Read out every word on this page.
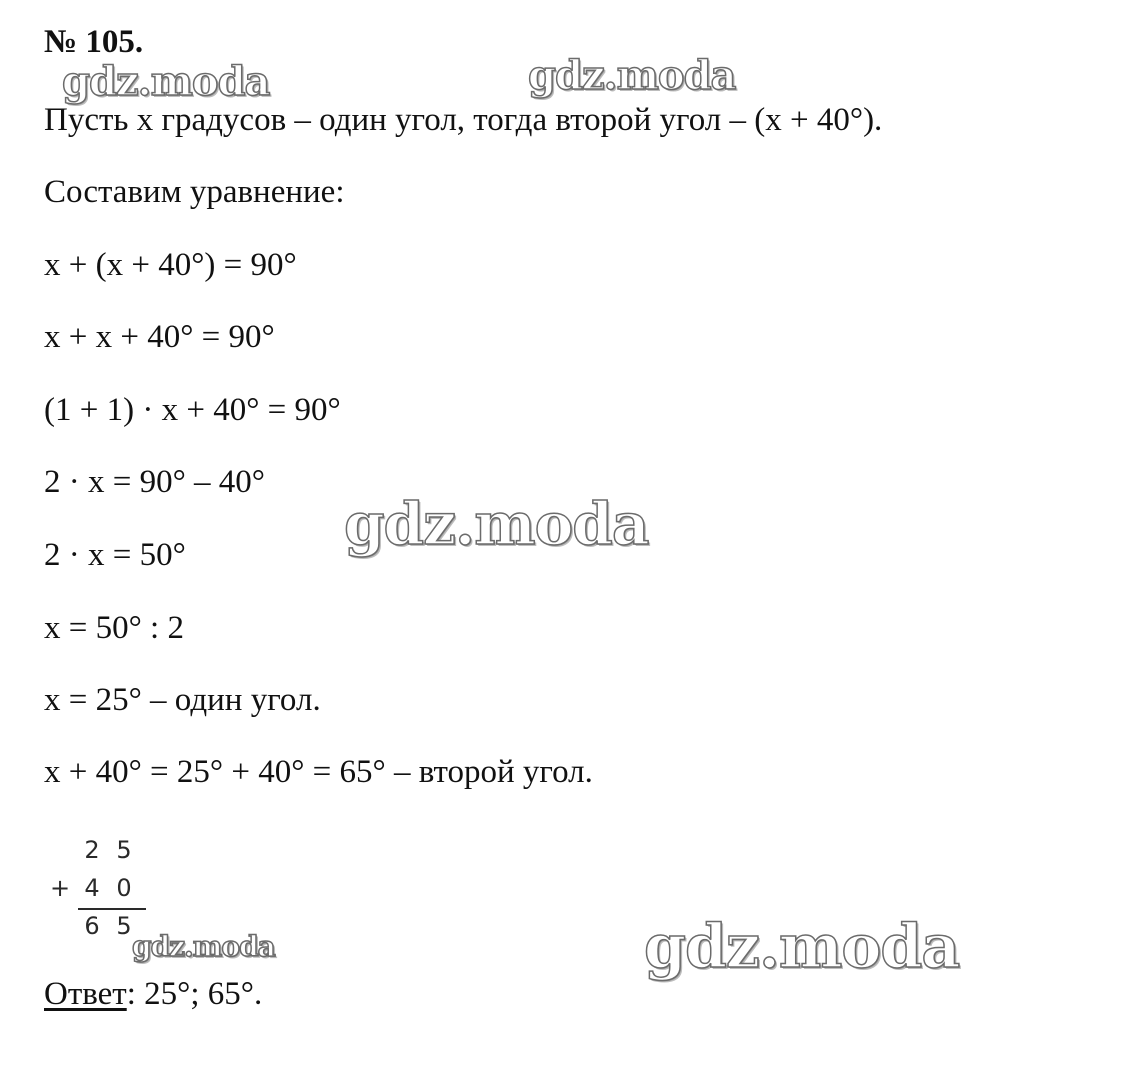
№ 105.
Пусть х градусов – один угол, тогда второй угол – (х + 40°).
Составим уравнение:
х + (х + 40°) = 90°
х + х + 40° = 90°
(1 + 1) · х + 40° = 90°
2 · х = 90° – 40°
2 · х = 50°
х = 50° : 2
х = 25° – один угол.
х + 40° = 25° + 40° = 65° – второй угол.
2 5
+ 4 0
6 5
Ответ: 25°; 65°.
gdz.moda	gdz.moda
gdz.moda
gdz.moda	gdz.moda
